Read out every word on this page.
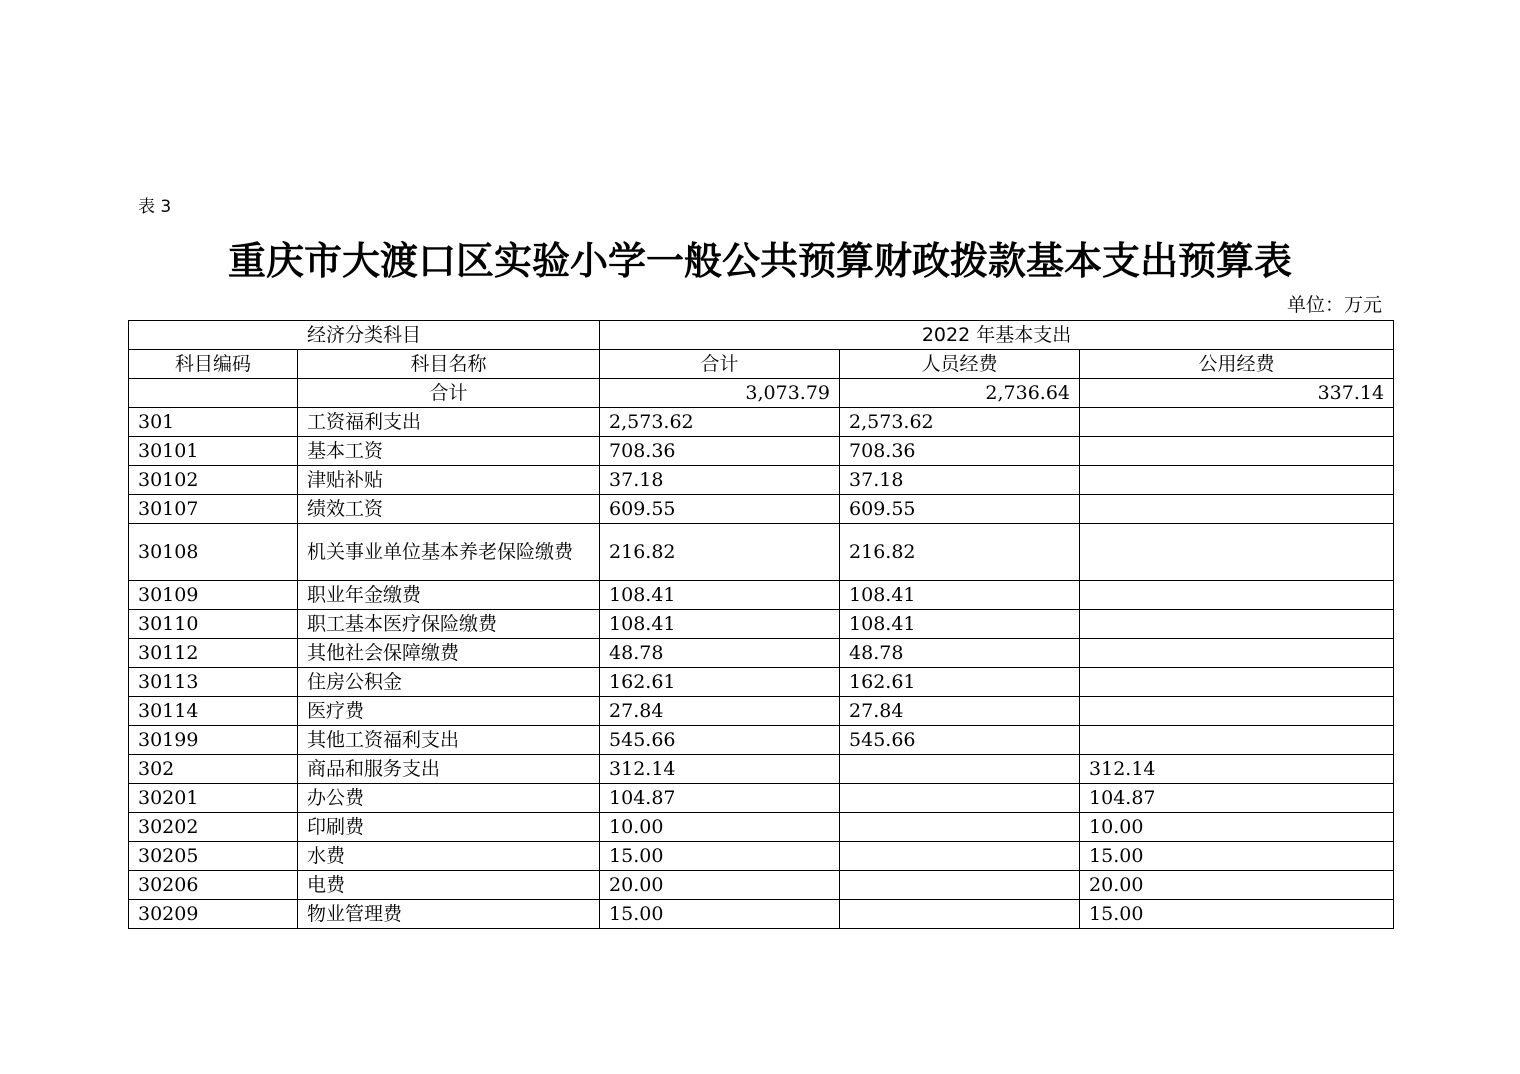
表 3
重庆市大渡口区实验小学一般公共预算财政拨款基本支出预算表
单位：万元
经济分类科目		2022 年基本支出		
科目编码	科目名称	合计	人员经费	公用经费
	合计	3,073.79	2,736.64	337.14
301	工资福利支出	2,573.62	2,573.62	
30101	基本工资	708.36	708.36	
30102	津贴补贴	37.18	37.18	
30107	绩效工资	609.55	609.55	
30108	机关事业单位基本养老保险缴费	216.82	216.82	
30109	职业年金缴费	108.41	108.41	
30110	职工基本医疗保险缴费	108.41	108.41	
30112	其他社会保障缴费	48.78	48.78	
30113	住房公积金	162.61	162.61	
30114	医疗费	27.84	27.84	
30199	其他工资福利支出	545.66	545.66	
302	商品和服务支出	312.14		312.14
30201	办公费	104.87		104.87
30202	印刷费	10.00		10.00
30205	水费	15.00		15.00
30206	电费	20.00		20.00
30209	物业管理费	15.00		15.00
